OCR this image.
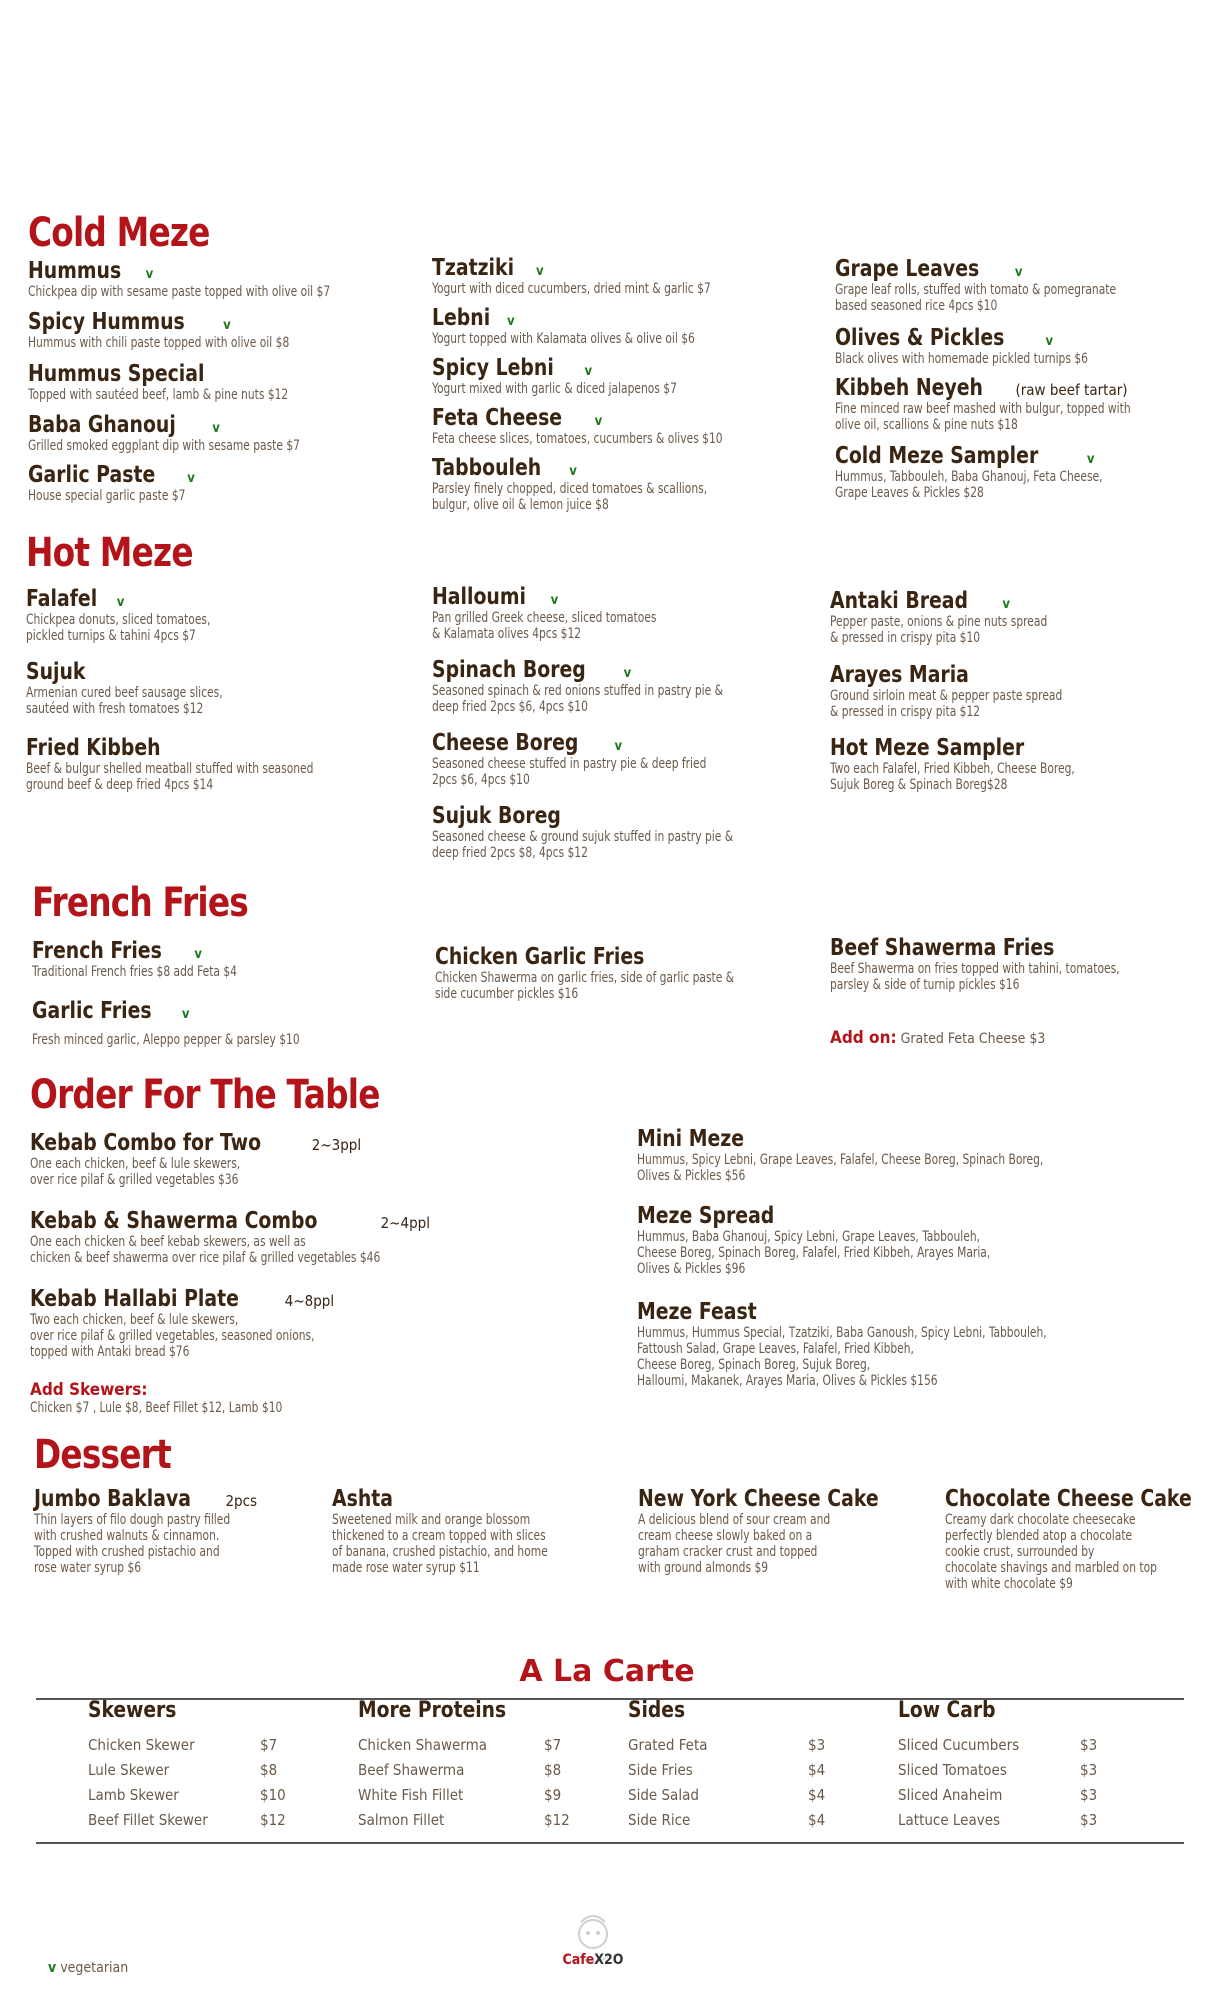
Cold Meze
Hummus v
Chickpea dip with sesame paste topped with olive oil $7
Spicy Hummus	v
Hummus with chili paste topped with olive oil $8
Hummus Special
Topped with sautéed beef, lamb & pine nuts $12
Baba Ghanouj	v
Grilled smoked eggplant dip with sesame paste $7
Garlic Paste v
House special garlic paste $7
Tzatziki v
Yogurt with diced cucumbers, dried mint & garlic $7
Lebni v
Yogurt topped with Kalamata olives & olive oil $6
Spicy Lebni v
Yogurt mixed with garlic & diced jalapenos $7
Feta Cheese	v
Feta cheese slices, tomatoes, cucumbers & olives $10
Tabbouleh v
Parsley finely chopped, diced tomatoes & scallions,
bulgur, olive oil & lemon juice $8
Grape Leaves	v
Grape leaf rolls, stuffed with tomato & pomegranate
based seasoned rice 4pcs $10
Olives & Pickles	v
Black olives with homemade pickled turnips $6
Kibbeh Neyeh (raw beef tartar)
Fine minced raw beef mashed with bulgur, topped with
olive oil, scallions & pine nuts $18
Cold Meze Sampler	v
Hummus, Tabbouleh, Baba Ghanouj, Feta Cheese,
Grape Leaves & Pickles $28
Hot Meze
Falafel v
Chickpea donuts, sliced tomatoes,
pickled turnips & tahini 4pcs $7
Sujuk
Armenian cured beef sausage slices,
sautéed with fresh tomatoes $12
Fried Kibbeh
Beef & bulgur shelled meatball stuffed with seasoned
ground beef & deep fried 4pcs $14
Halloumi v
Pan grilled Greek cheese, sliced tomatoes
& Kalamata olives 4pcs $12
Spinach Boreg	v
Seasoned spinach & red onions stuffed in pastry pie &
deep fried 2pcs $6, 4pcs $10
Cheese Boreg	v
Seasoned cheese stuffed in pastry pie & deep fried
2pcs $6, 4pcs $10
Sujuk Boreg
Seasoned cheese & ground sujuk stuffed in pastry pie &
deep fried 2pcs $8, 4pcs $12
Antaki Bread	v
Pepper paste, onions & pine nuts spread
& pressed in crispy pita $10
Arayes Maria
Ground sirloin meat & pepper paste spread
& pressed in crispy pita $12
Hot Meze Sampler
Two each Falafel, Fried Kibbeh, Cheese Boreg,
Sujuk Boreg & Spinach Boreg$28
French Fries
French Fries v
Traditional French fries $8 add Feta $4
Garlic Fries v
Fresh minced garlic, Aleppo pepper & parsley $10
Chicken Garlic Fries
Chicken Shawerma on garlic fries, side of garlic paste &
side cucumber pickles $16
Beef Shawerma Fries
Beef Shawerma on fries topped with tahini, tomatoes,
parsley & side of turnip pickles $16
Add on: Grated Feta Cheese $3
Order For The Table
Kebab Combo for Two	2~3ppl
One each chicken, beef & lule skewers,
over rice pilaf & grilled vegetables $36
Kebab & Shawerma Combo	2~4ppl
One each chicken & beef kebab skewers, as well as
chicken & beef shawerma over rice pilaf & grilled vegetables $46
Kebab Hallabi Plate	4~8ppl
Two each chicken, beef & lule skewers,
over rice pilaf & grilled vegetables, seasoned onions,
topped with Antaki bread $76
Add Skewers:
Chicken $7 , Lule $8, Beef Fillet $12, Lamb $10
Mini Meze
Hummus, Spicy Lebni, Grape Leaves, Falafel, Cheese Boreg, Spinach Boreg,
Olives & Pickles $56
Meze Spread
Hummus, Baba Ghanouj, Spicy Lebni, Grape Leaves, Tabbouleh,
Cheese Boreg, Spinach Boreg, Falafel, Fried Kibbeh, Arayes Maria,
Olives & Pickles $96
Meze Feast
Hummus, Hummus Special, Tzatziki, Baba Ganoush, Spicy Lebni, Tabbouleh,
Fattoush Salad, Grape Leaves, Falafel, Fried Kibbeh,
Cheese Boreg, Spinach Boreg, Sujuk Boreg,
Halloumi, Makanek, Arayes Maria, Olives & Pickles $156
Dessert
Jumbo Baklava 2pcs
Thin layers of filo dough pastry filled
with crushed walnuts & cinnamon.
Topped with crushed pistachio and
rose water syrup $6
Ashta
Sweetened milk and orange blossom
thickened to a cream topped with slices
of banana, crushed pistachio, and home
made rose water syrup $11
New York Cheese Cake
A delicious blend of sour cream and
cream cheese slowly baked on a
graham cracker crust and topped
with ground almonds $9
Chocolate Cheese Cake
Creamy dark chocolate cheesecake
perfectly blended atop a chocolate
cookie crust, surrounded by
chocolate shavings and marbled on top
with white chocolate $9
A La Carte
Skewers
Chicken Skewer	$7
Lule Skewer	$8
Lamb Skewer	$10
Beef Fillet Skewer	$12
More Proteins
Chicken Shawerma	$7
Beef Shawerma	$8
White Fish Fillet	$9
Salmon Fillet	$12
Sides
Grated Feta	$3
Side Fries	$4
Side Salad	$4
Side Rice	$4
Low Carb
Sliced Cucumbers	$3
Sliced Tomatoes	$3
Sliced Anaheim	$3
Lattuce Leaves	$3
CafeX2O
v vegetarian
